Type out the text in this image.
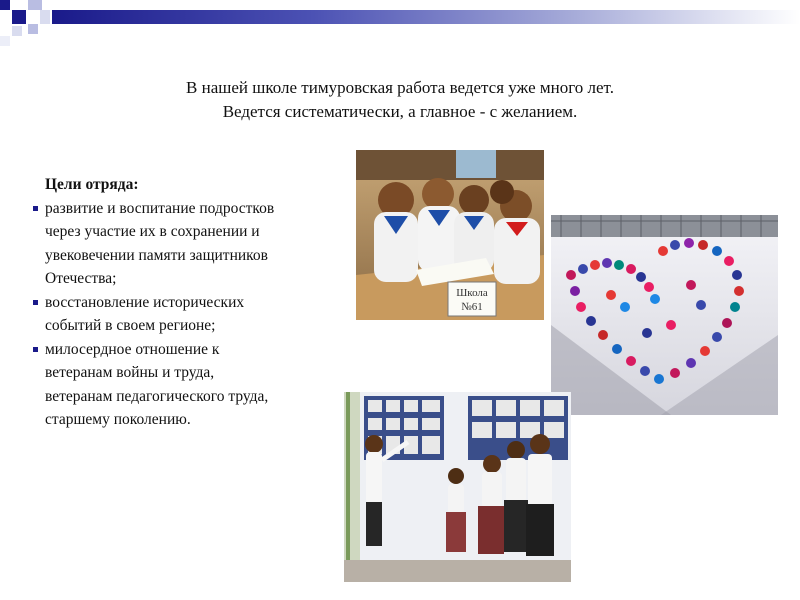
В нашей школе тимуровская работа ведется уже много лет.

Ведется систематически, а главное - с желанием.

Цели отряда:
развитие и воспитание подростков
через участие их в сохранении и
увековечении памяти защитников
Отечества;
восстановление исторических
событий в своем регионе;
милосердное отношение к
ветеранам войны и труда,
ветеранам педагогического труда,
старшему поколению.
Школа
№61
